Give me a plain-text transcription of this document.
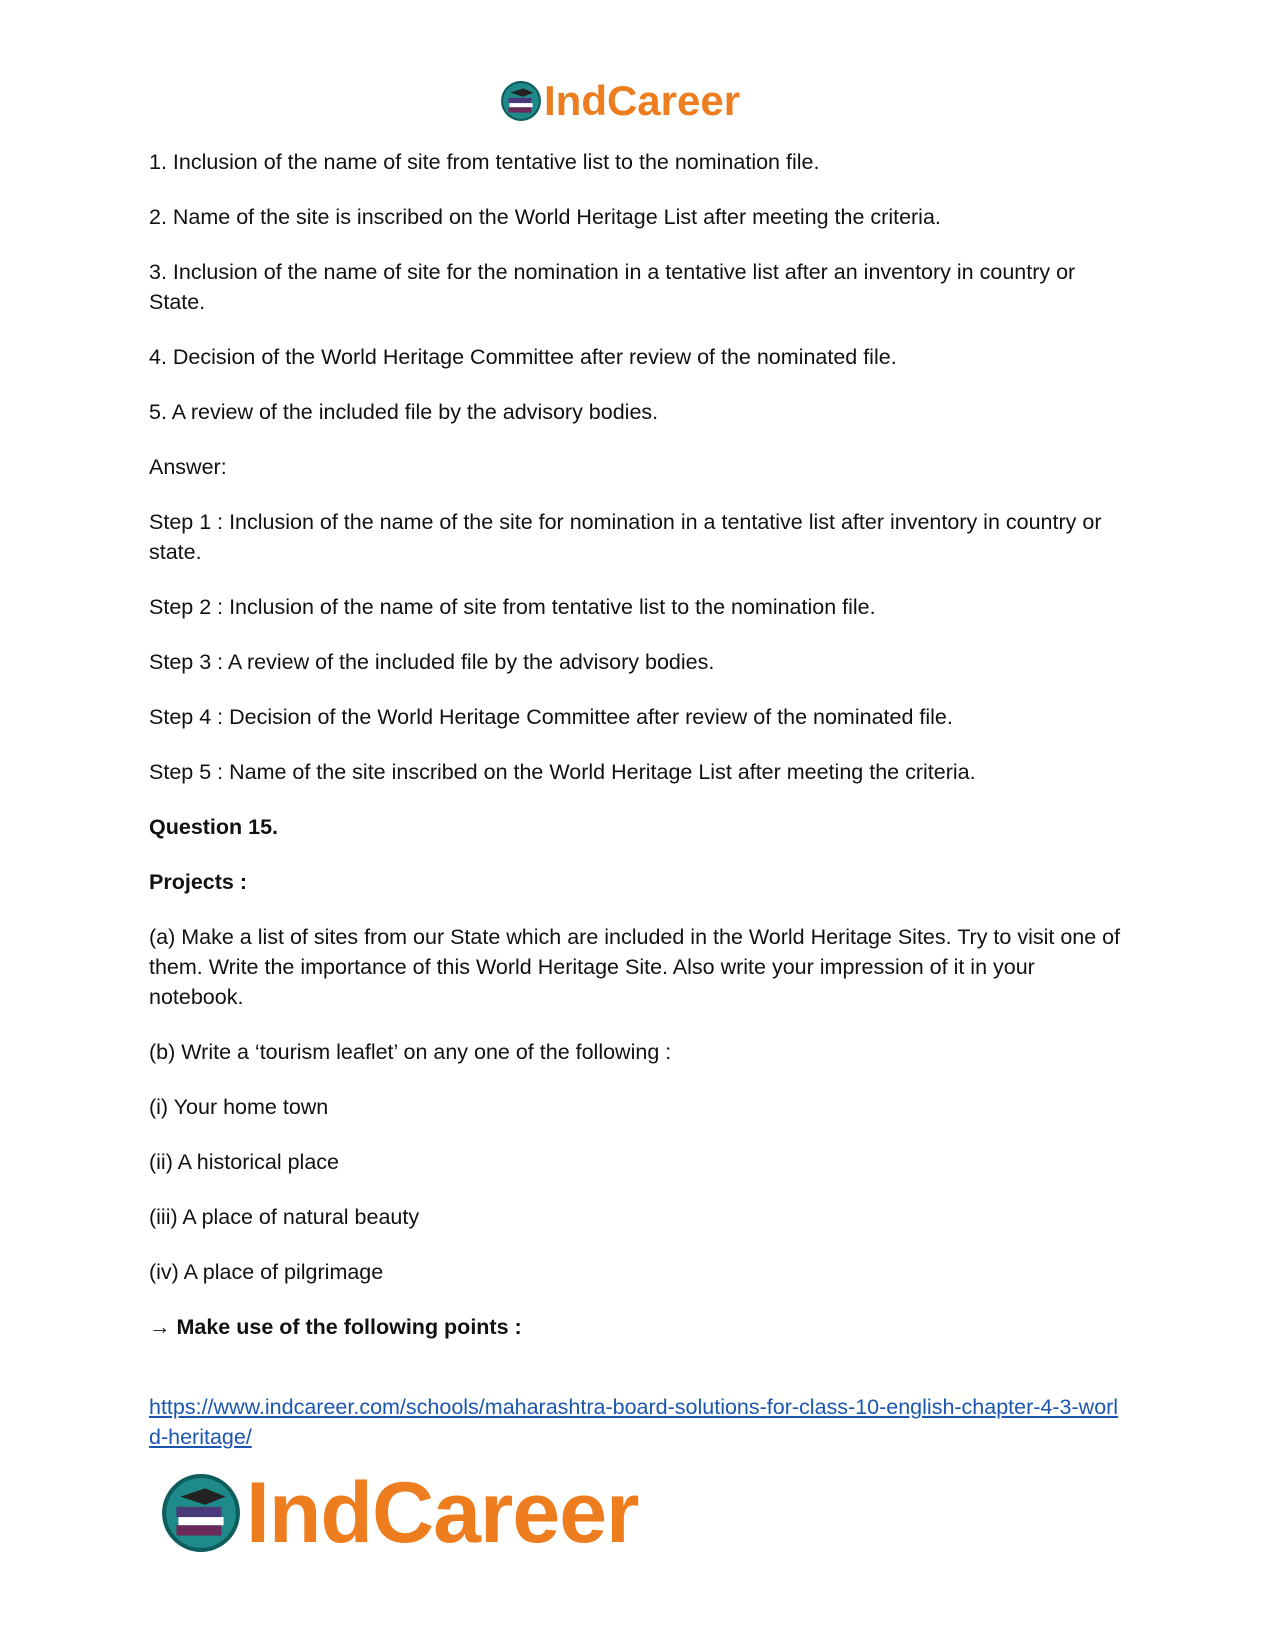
IndCareer

1. Inclusion of the name of site from tentative list to the nomination file.

2. Name of the site is inscribed on the World Heritage List after meeting the criteria.

3. Inclusion of the name of site for the nomination in a tentative list after an inventory in country or State.

4. Decision of the World Heritage Committee after review of the nominated file.

5. A review of the included file by the advisory bodies.

Answer:

Step 1 : Inclusion of the name of the site for nomination in a tentative list after inventory in country or state.

Step 2 : Inclusion of the name of site from tentative list to the nomination file.

Step 3 : A review of the included file by the advisory bodies.

Step 4 : Decision of the World Heritage Committee after review of the nominated file.

Step 5 : Name of the site inscribed on the World Heritage List after meeting the criteria.

Question 15.

Projects :

(a) Make a list of sites from our State which are included in the World Heritage Sites. Try to visit one of them. Write the importance of this World Heritage Site. Also write your impression of it in your notebook.

(b) Write a ‘tourism leaflet’ on any one of the following :

(i) Your home town

(ii) A historical place

(iii) A place of natural beauty

(iv) A place of pilgrimage

→ Make use of the following points :

https://www.indcareer.com/schools/maharashtra-board-solutions-for-class-10-english-chapter-4-3-world-heritage/
IndCareer
